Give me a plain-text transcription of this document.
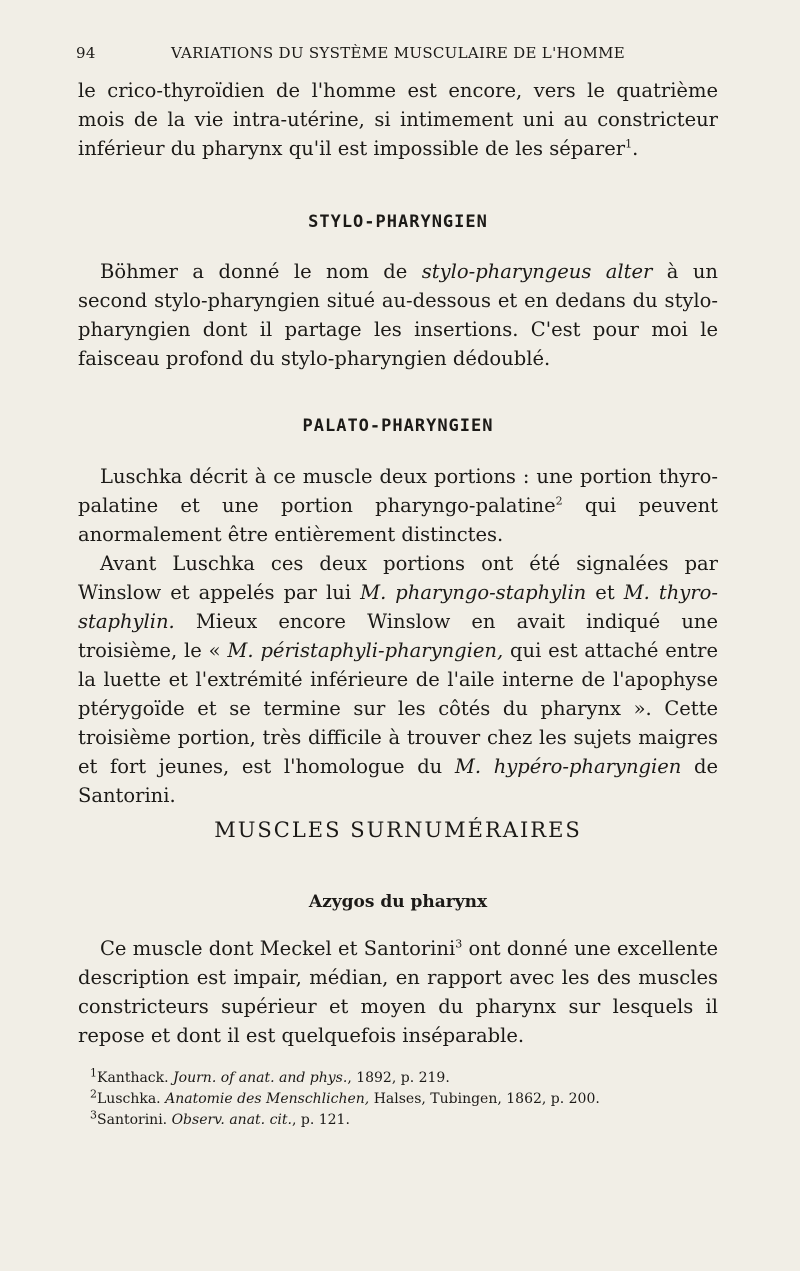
94	VARIATIONS DU SYSTÈME MUSCULAIRE DE L'HOMME

le crico-thyroïdien de l'homme est encore, vers le quatrième mois de la vie intra-utérine, si intimement uni au constricteur inférieur du pharynx qu'il est impossible de les séparer$^1$.

STYLO-PHARYNGIEN

Böhmer a donné le nom de stylo-pharyngeus alter à un second stylo-pharyngien situé au-dessous et en dedans du stylo-pharyngien dont il partage les insertions. C'est pour moi le faisceau profond du stylo-pharyngien dédoublé.

PALATO-PHARYNGIEN

Luschka décrit à ce muscle deux portions : une portion thyro-palatine et une portion pharyngo-palatine$^2$ qui peuvent anormalement être entièrement distinctes.

Avant Luschka ces deux portions ont été signalées par Winslow et appelés par lui M. pharyngo-staphylin et M. thyro-staphylin. Mieux encore Winslow en avait indiqué une troisième, le « M. péristaphyli-pharyngien, qui est attaché entre la luette et l'extrémité inférieure de l'aile interne de l'apophyse ptérygoïde et se termine sur les côtés du pharynx ». Cette troisième portion, très difficile à trouver chez les sujets maigres et fort jeunes, est l'homologue du M. hypéro-pharyngien de Santorini.

MUSCLES SURNUMÉRAIRES
Azygos du pharynx

Ce muscle dont Meckel et Santorini$^3$ ont donné une excellente description est impair, médian, en rapport avec les des muscles constricteurs supérieur et moyen du pharynx sur lesquels il repose et dont il est quelquefois inséparable.

$^1$Kanthack. Journ. of anat. and phys., 1892, p. 219.
$^2$Luschka. Anatomie des Menschlichen, Halses, Tubingen, 1862, p. 200.
$^3$Santorini. Observ. anat. cit., p. 121.
